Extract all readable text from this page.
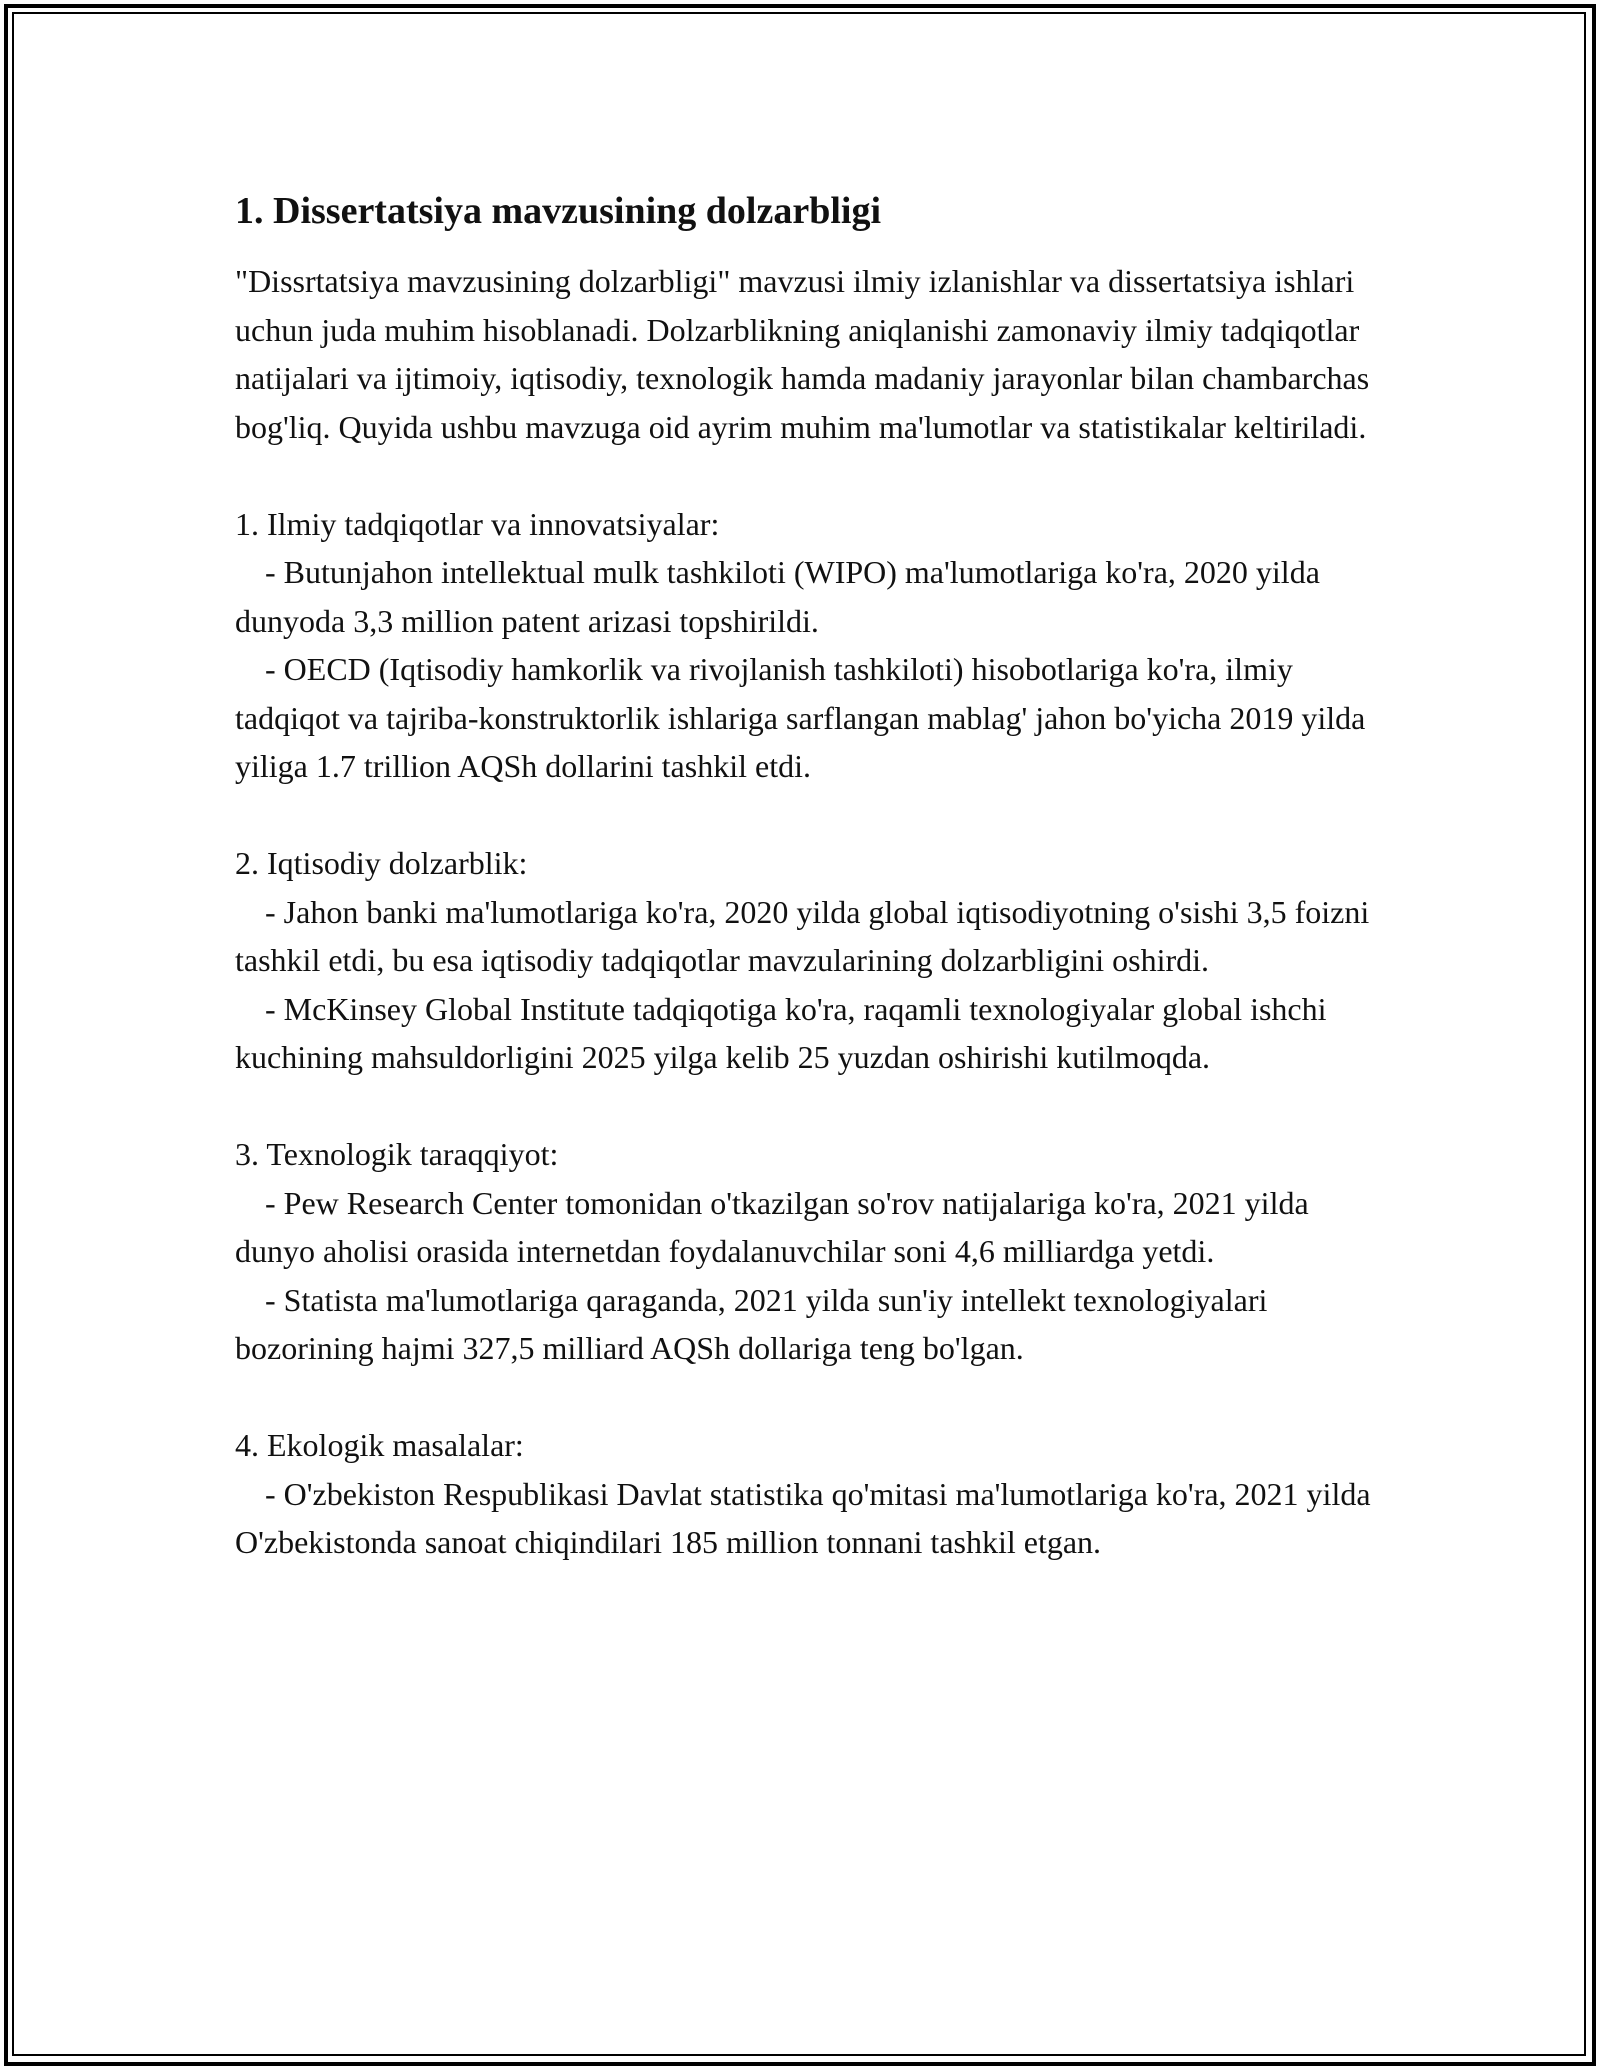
1. Dissertatsiya mavzusining dolzarbligi

"Dissrtatsiya mavzusining dolzarbligi" mavzusi ilmiy izlanishlar va dissertatsiya ishlari uchun juda muhim hisoblanadi. Dolzarblikning aniqlanishi zamonaviy ilmiy tadqiqotlar natijalari va ijtimoiy, iqtisodiy, texnologik hamda madaniy jarayonlar bilan chambarchas bog'liq. Quyida ushbu mavzuga oid ayrim muhim ma'lumotlar va statistikalar keltiriladi.

1. Ilmiy tadqiqotlar va innovatsiyalar:

- Butunjahon intellektual mulk tashkiloti (WIPO) ma'lumotlariga ko'ra, 2020 yilda dunyoda 3,3 million patent arizasi topshirildi.

- OECD (Iqtisodiy hamkorlik va rivojlanish tashkiloti) hisobotlariga ko'ra, ilmiy tadqiqot va tajriba-konstruktorlik ishlariga sarflangan mablag' jahon bo'yicha 2019 yilda yiliga 1.7 trillion AQSh dollarini tashkil etdi.

2. Iqtisodiy dolzarblik:

- Jahon banki ma'lumotlariga ko'ra, 2020 yilda global iqtisodiyotning o'sishi 3,5 foizni tashkil etdi, bu esa iqtisodiy tadqiqotlar mavzularining dolzarbligini oshirdi.

- McKinsey Global Institute tadqiqotiga ko'ra, raqamli texnologiyalar global ishchi kuchining mahsuldorligini 2025 yilga kelib 25 yuzdan oshirishi kutilmoqda.

3. Texnologik taraqqiyot:

- Pew Research Center tomonidan o'tkazilgan so'rov natijalariga ko'ra, 2021 yilda dunyo aholisi orasida internetdan foydalanuvchilar soni 4,6 milliardga yetdi.

- Statista ma'lumotlariga qaraganda, 2021 yilda sun'iy intellekt texnologiyalari bozorining hajmi 327,5 milliard AQSh dollariga teng bo'lgan.

4. Ekologik masalalar:

- O'zbekiston Respublikasi Davlat statistika qo'mitasi ma'lumotlariga ko'ra, 2021 yilda O'zbekistonda sanoat chiqindilari 185 million tonnani tashkil etgan.
